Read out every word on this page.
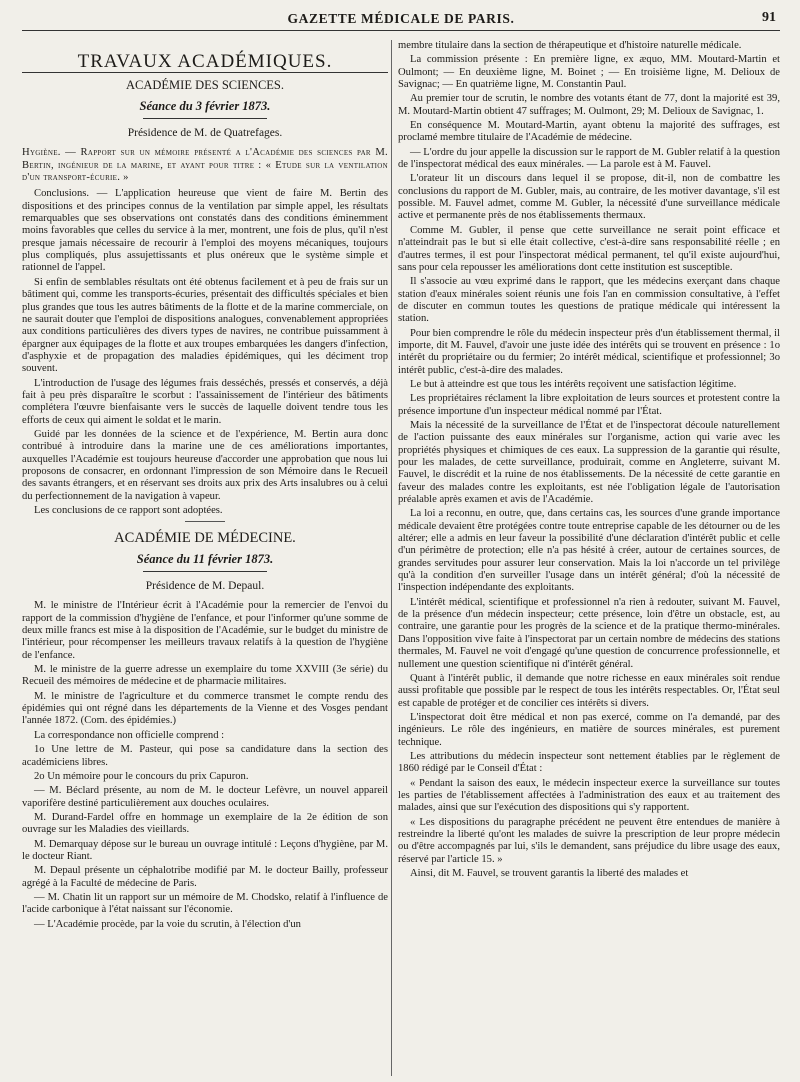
GAZETTE MÉDICALE DE PARIS.	91
TRAVAUX ACADÉMIQUES.
ACADÉMIE DES SCIENCES.
Séance du 3 février 1873.
Présidence de M. de Quatrefages.

Hygiène. — Rapport sur un mémoire présenté a l'Académie des sciences par M. Bertin, ingénieur de la marine, et ayant pour titre : « Etude sur la ventilation d'un transport-écurie. »

Conclusions. — L'application heureuse que vient de faire M. Bertin des dispositions et des principes connus de la ventilation par simple appel, les résultats remarquables que ses observations ont constatés dans des conditions éminemment moins favorables que celles du service à la mer, montrent, une fois de plus, qu'il n'est presque jamais nécessaire de recourir à l'emploi des moyens mécaniques, toujours plus compliqués, plus assujettissants et plus onéreux que le système simple et rationnel de l'appel.

Si enfin de semblables résultats ont été obtenus facilement et à peu de frais sur un bâtiment qui, comme les transports-écuries, présentait des difficultés spéciales et bien plus grandes que tous les autres bâtiments de la flotte et de la marine commerciale, on ne saurait douter que l'emploi de dispositions analogues, convenablement appropriées aux conditions particulières des divers types de navires, ne contribue puissamment à épargner aux équipages de la flotte et aux troupes embarquées les dangers d'infection, d'asphyxie et de propagation des maladies épidémiques, qui les déciment trop souvent.

L'introduction de l'usage des légumes frais desséchés, pressés et conservés, a déjà fait à peu près disparaître le scorbut : l'assainissement de l'intérieur des bâtiments complétera l'œuvre bienfaisante vers le succès de laquelle doivent tendre tous les efforts de ceux qui aiment le soldat et le marin.

Guidé par les données de la science et de l'expérience, M. Bertin aura donc contribué à introduire dans la marine une de ces améliorations importantes, auxquelles l'Académie est toujours heureuse d'accorder une approbation que nous lui proposons de consacrer, en ordonnant l'impression de son Mémoire dans le Recueil des savants étrangers, et en réservant ses droits aux prix des Arts insalubres ou à celui du perfectionnement de la navigation à vapeur.

Les conclusions de ce rapport sont adoptées.

ACADÉMIE DE MÉDECINE.
Séance du 11 février 1873.
Présidence de M. Depaul.

M. le ministre de l'Intérieur écrit à l'Académie pour la remercier de l'envoi du rapport de la commission d'hygiène de l'enfance, et pour l'informer qu'une somme de deux mille francs est mise à la disposition de l'Académie, sur le budget du ministre de l'intérieur, pour récompenser les meilleurs travaux relatifs à la question de l'hygiène de l'enfance.

M. le ministre de la guerre adresse un exemplaire du tome XXVIII (3e série) du Recueil des mémoires de médecine et de pharmacie militaires.

M. le ministre de l'agriculture et du commerce transmet le compte rendu des épidémies qui ont régné dans les départements de la Vienne et des Vosges pendant l'année 1872. (Com. des épidémies.)

La correspondance non officielle comprend :

1o Une lettre de M. Pasteur, qui pose sa candidature dans la section des académiciens libres.

2o Un mémoire pour le concours du prix Capuron.

— M. Béclard présente, au nom de M. le docteur Lefèvre, un nouvel appareil vaporifère destiné particulièrement aux douches oculaires.

M. Durand-Fardel offre en hommage un exemplaire de la 2e édition de son ouvrage sur les Maladies des vieillards.

M. Demarquay dépose sur le bureau un ouvrage intitulé : Leçons d'hygiène, par M. le docteur Riant.

M. Depaul présente un céphalotribe modifié par M. le docteur Bailly, professeur agrégé à la Faculté de médecine de Paris.

— M. Chatin lit un rapport sur un mémoire de M. Chodsko, relatif à l'influence de l'acide carbonique à l'état naissant sur l'économie.

— L'Académie procède, par la voie du scrutin, à l'élection d'un

membre titulaire dans la section de thérapeutique et d'histoire naturelle médicale.

La commission présente : En première ligne, ex æquo, MM. Moutard-Martin et Oulmont; — En deuxième ligne, M. Boinet ; — En troisième ligne, M. Delioux de Savignac; — En quatrième ligne, M. Constantin Paul.

Au premier tour de scrutin, le nombre des votants étant de 77, dont la majorité est 39, M. Moutard-Martin obtient 47 suffrages; M. Oulmont, 29; M. Delioux de Savignac, 1.

En conséquence M. Moutard-Martin, ayant obtenu la majorité des suffrages, est proclamé membre titulaire de l'Académie de médecine.

— L'ordre du jour appelle la discussion sur le rapport de M. Gubler relatif à la question de l'inspectorat médical des eaux minérales. — La parole est à M. Fauvel.

L'orateur lit un discours dans lequel il se propose, dit-il, non de combattre les conclusions du rapport de M. Gubler, mais, au contraire, de les motiver davantage, s'il est possible. M. Fauvel admet, comme M. Gubler, la nécessité d'une surveillance médicale active et permanente près de nos établissements thermaux.

Comme M. Gubler, il pense que cette surveillance ne serait point efficace et n'atteindrait pas le but si elle était collective, c'est-à-dire sans responsabilité réelle ; en d'autres termes, il est pour l'inspectorat médical permanent, tel qu'il existe aujourd'hui, sans pour cela repousser les améliorations dont cette institution est susceptible.

Il s'associe au vœu exprimé dans le rapport, que les médecins exerçant dans chaque station d'eaux minérales soient réunis une fois l'an en commission consultative, à l'effet de discuter en commun toutes les questions de pratique médicale qui intéressent la station.

Pour bien comprendre le rôle du médecin inspecteur près d'un établissement thermal, il importe, dit M. Fauvel, d'avoir une juste idée des intérêts qui se trouvent en présence : 1o intérêt du propriétaire ou du fermier; 2o intérêt médical, scientifique et professionnel; 3o intérêt public, c'est-à-dire des malades.

Le but à atteindre est que tous les intérêts reçoivent une satisfaction légitime.

Les propriétaires réclament la libre exploitation de leurs sources et protestent contre la présence importune d'un inspecteur médical nommé par l'État.

Mais la nécessité de la surveillance de l'État et de l'inspectorat découle naturellement de l'action puissante des eaux minérales sur l'organisme, action qui varie avec les propriétés physiques et chimiques de ces eaux. La suppression de la garantie qui résulte, pour les malades, de cette surveillance, produirait, comme en Angleterre, suivant M. Fauvel, le discrédit et la ruine de nos établissements. De la nécessité de cette garantie en faveur des malades contre les exploitants, est née l'obligation légale de l'autorisation préalable après examen et avis de l'Académie.

La loi a reconnu, en outre, que, dans certains cas, les sources d'une grande importance médicale devaient être protégées contre toute entreprise capable de les détourner ou de les altérer; elle a admis en leur faveur la possibilité d'une déclaration d'intérêt public et celle d'un périmètre de protection; elle n'a pas hésité à créer, autour de certaines sources, de grandes servitudes pour assurer leur conservation. Mais la loi n'accorde un tel privilège qu'à la condition d'en surveiller l'usage dans un intérêt général; d'où la nécessité de l'inspection indépendante des exploitants.

L'intérêt médical, scientifique et professionnel n'a rien à redouter, suivant M. Fauvel, de la présence d'un médecin inspecteur; cette présence, loin d'être un obstacle, est, au contraire, une garantie pour les progrès de la science et de la pratique thermo-minérales. Dans l'opposition vive faite à l'inspectorat par un certain nombre de médecins des stations thermales, M. Fauvel ne voit d'engagé qu'une question de concurrence professionnelle, et nullement une question scientifique ni d'intérêt général.

Quant à l'intérêt public, il demande que notre richesse en eaux minérales soit rendue aussi profitable que possible par le respect de tous les intérêts respectables. Or, l'État seul est capable de protéger et de concilier ces intérêts si divers.

L'inspectorat doit être médical et non pas exercé, comme on l'a demandé, par des ingénieurs. Le rôle des ingénieurs, en matière de sources minérales, est purement technique.

Les attributions du médecin inspecteur sont nettement établies par le règlement de 1860 rédigé par le Conseil d'État :

« Pendant la saison des eaux, le médecin inspecteur exerce la surveillance sur toutes les parties de l'établissement affectées à l'administration des eaux et au traitement des malades, ainsi que sur l'exécution des dispositions qui s'y rapportent.

« Les dispositions du paragraphe précédent ne peuvent être entendues de manière à restreindre la liberté qu'ont les malades de suivre la prescription de leur propre médecin ou d'être accompagnés par lui, s'ils le demandent, sans préjudice du libre usage des eaux, réservé par l'article 15. »

Ainsi, dit M. Fauvel, se trouvent garantis la liberté des malades et
